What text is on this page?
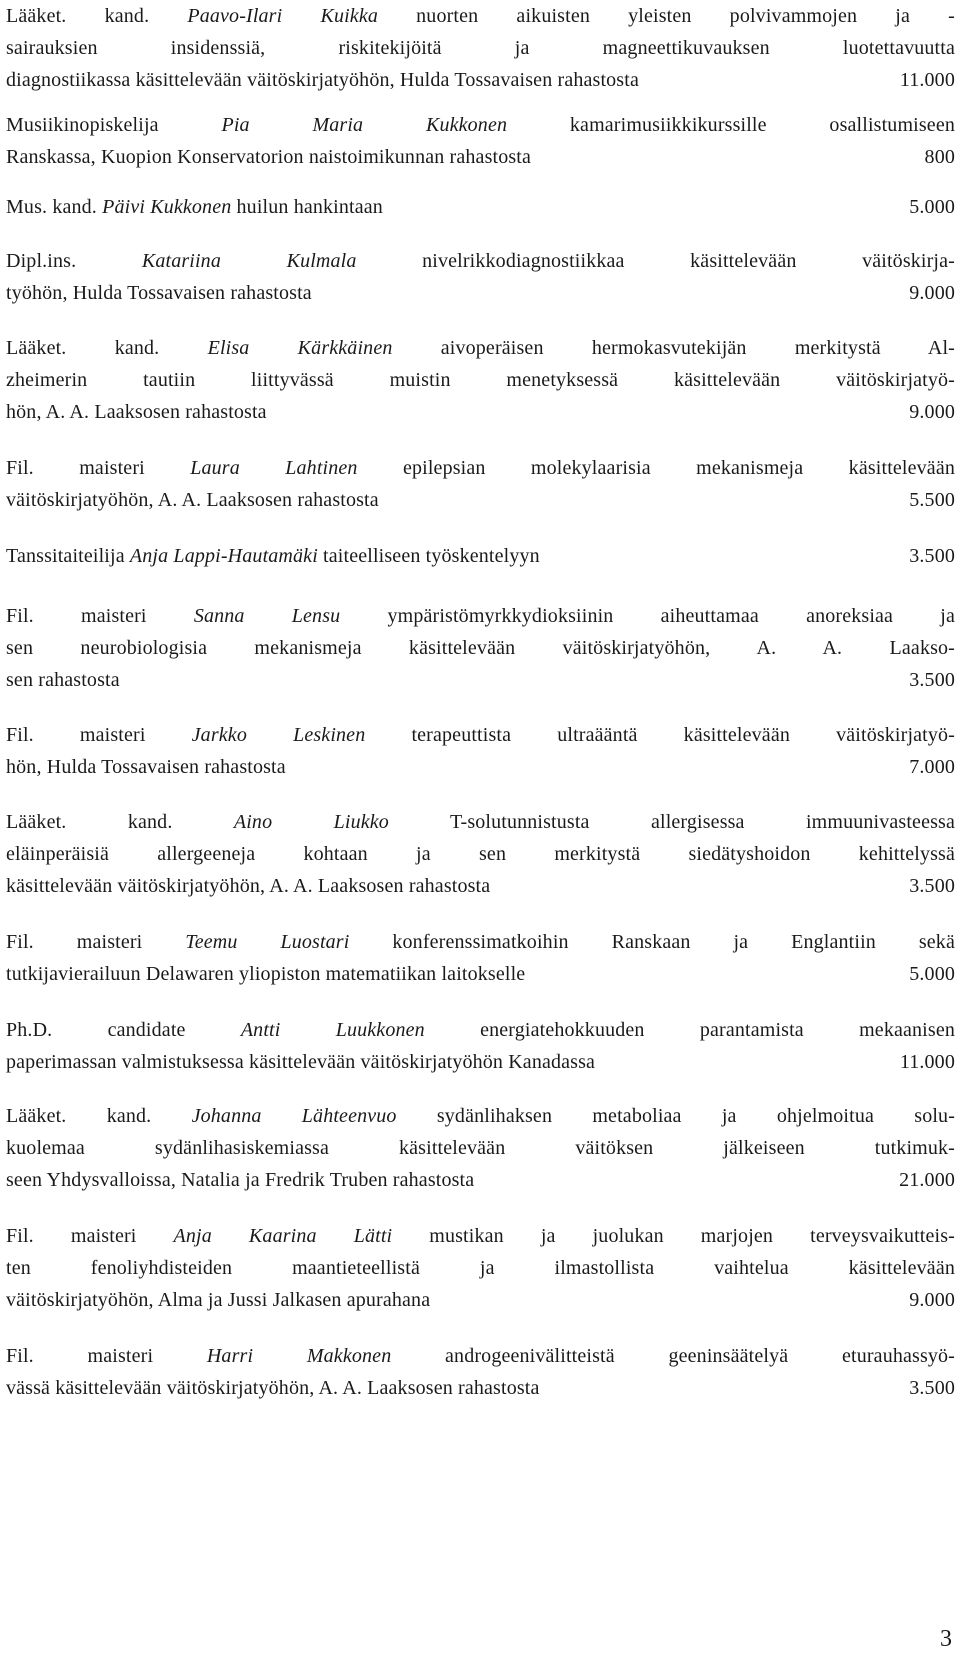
Lääket. kand. Paavo-Ilari Kuikka nuorten aikuisten yleisten polvivammojen ja -
sairauksien insidenssiä, riskitekijöitä ja magneettikuvauksen luotettavuutta
diagnostiikassa käsittelevään väitöskirjatyöhön, Hulda Tossavaisen rahastosta	11.000
Musiikinopiskelija Pia Maria Kukkonen kamarimusiikkikurssille osallistumiseen
Ranskassa, Kuopion Konservatorion naistoimikunnan rahastosta	800
Mus. kand. Päivi Kukkonen huilun hankintaan	5.000
Dipl.ins. Katariina Kulmala nivelrikkodiagnostiikkaa käsittelevään väitöskirja-
työhön, Hulda Tossavaisen rahastosta	9.000
Lääket. kand. Elisa Kärkkäinen aivoperäisen hermokasvutekijän merkitystä Al-
zheimerin tautiin liittyvässä muistin menetyksessä käsittelevään väitöskirjatyö-
hön, A. A. Laaksosen rahastosta	9.000
Fil. maisteri Laura Lahtinen epilepsian molekylaarisia mekanismeja käsittelevään
väitöskirjatyöhön, A. A. Laaksosen rahastosta	5.500
Tanssitaiteilija Anja Lappi-Hautamäki taiteelliseen työskentelyyn	3.500
Fil. maisteri Sanna Lensu ympäristömyrkkydioksiinin aiheuttamaa anoreksiaa ja
sen neurobiologisia mekanismeja käsittelevään väitöskirjatyöhön, A. A. Laakso-
sen rahastosta	3.500
Fil. maisteri Jarkko Leskinen terapeuttista ultraääntä käsittelevään väitöskirjatyö-
hön, Hulda Tossavaisen rahastosta	7.000
Lääket. kand. Aino Liukko T-solutunnistusta allergisessa immuunivasteessa
eläinperäisiä allergeeneja kohtaan ja sen merkitystä siedätyshoidon kehittelyssä
käsittelevään väitöskirjatyöhön, A. A. Laaksosen rahastosta	3.500
Fil. maisteri Teemu Luostari konferenssimatkoihin Ranskaan ja Englantiin sekä
tutkijavierailuun Delawaren yliopiston matematiikan laitokselle	5.000
Ph.D. candidate Antti Luukkonen energiatehokkuuden parantamista mekaanisen
paperimassan valmistuksessa käsittelevään väitöskirjatyöhön Kanadassa	11.000
Lääket. kand. Johanna Lähteenvuo sydänlihaksen metaboliaa ja ohjelmoitua solu-
kuolemaa sydänlihasiskemiassa käsittelevään väitöksen jälkeiseen tutkimuk-
seen Yhdysvalloissa, Natalia ja Fredrik Truben rahastosta	21.000
Fil. maisteri Anja Kaarina Lätti mustikan ja juolukan marjojen terveysvaikutteis-
ten fenoliyhdisteiden maantieteellistä ja ilmastollista vaihtelua käsittelevään
väitöskirjatyöhön, Alma ja Jussi Jalkasen apurahana	9.000
Fil. maisteri Harri Makkonen androgeenivälitteistä geeninsäätelyä eturauhassyö-
vässä käsittelevään väitöskirjatyöhön, A. A. Laaksosen rahastosta	3.500
3
